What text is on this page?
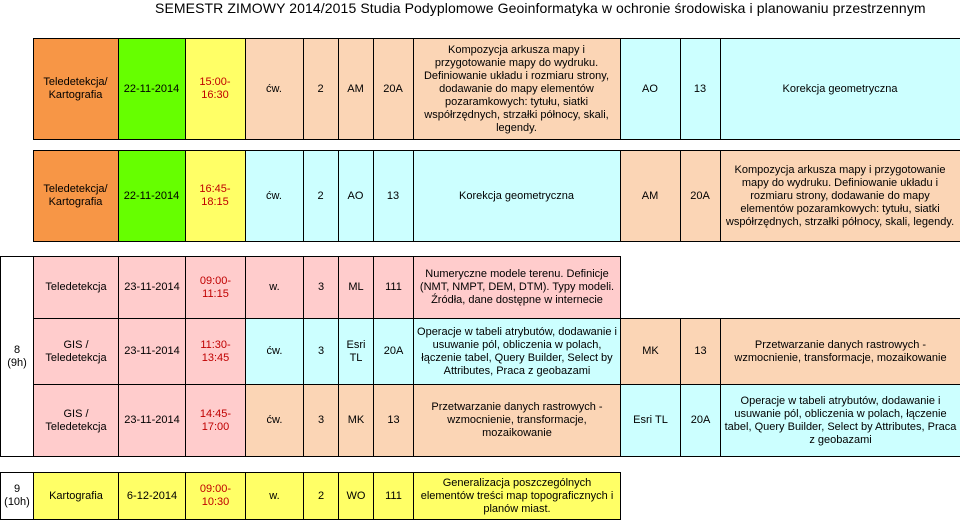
SEMESTR ZIMOWY 2014/2015 Studia Podyplomowe Geoinformatyka w ochronie środowiska i planowaniu przestrzennym
	Teledetekcja/ Kartografia	22-11-2014	15:00-
16:30	ćw.	2	AM	20A	Kompozycja arkusza mapy i przygotowanie mapy do wydruku. Definiowanie układu i rozmiaru strony, dodawanie do mapy elementów pozaramkowych: tytułu, siatki współrzędnych, strzałki północy, skali, legendy.	AO	13	Korekcja geometryczna
	Teledetekcja/ Kartografia	22-11-2014	16:45-
18:15	ćw.	2	AO	13	Korekcja geometryczna	AM	20A	Kompozycja arkusza mapy i przygotowanie mapy do wydruku. Definiowanie układu i rozmiaru strony, dodawanie do mapy elementów pozaramkowych: tytułu, siatki współrzędnych, strzałki północy, skali, legendy.
8
(9h)	Teledetekcja	23-11-2014	09:00-
11:15	w.	3	ML	111	Numeryczne modele terenu. Definicje (NMT, NMPT, DEM, DTM). Typy modeli. Źródła, dane dostępne w internecie			
	GIS / Teledetekcja	23-11-2014	11:30-
13:45	ćw.	3	Esri TL	20A	Operacje w tabeli atrybutów, dodawanie i usuwanie pól, obliczenia w polach, łączenie tabel, Query Builder, Select by Attributes, Praca z geobazami	MK	13	Przetwarzanie danych rastrowych - wzmocnienie, transformacje, mozaikowanie
	GIS / Teledetekcja	23-11-2014	14:45-
17:00	ćw.	3	MK	13	Przetwarzanie danych rastrowych - wzmocnienie, transformacje, mozaikowanie	Esri TL	20A	Operacje w tabeli atrybutów, dodawanie i usuwanie pól, obliczenia w polach, łączenie tabel, Query Builder, Select by Attributes, Praca z geobazami
9
(10h)	Kartografia	6-12-2014	09:00-
10:30	w.	2	WO	111	Generalizacja poszczególnych elementów treści map topograficznych i planów miast.	
